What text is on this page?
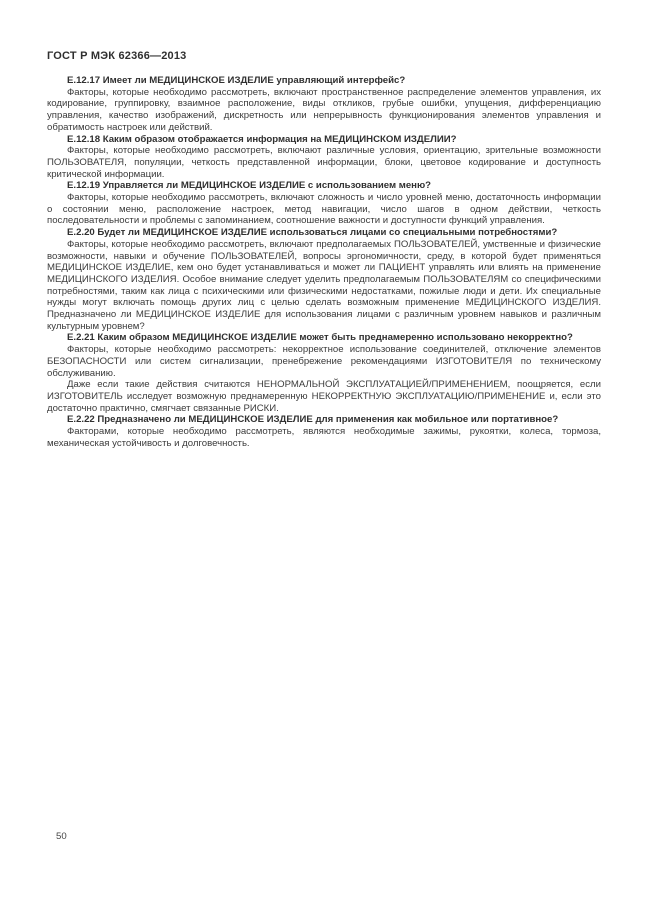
ГОСТ Р МЭК 62366—2013
Е.12.17 Имеет ли МЕДИЦИНСКОЕ ИЗДЕЛИЕ управляющий интерфейс?

Факторы, которые необходимо рассмотреть, включают пространственное распределение элементов управления, их кодирование, группировку, взаимное расположение, виды откликов, грубые ошибки, упущения, дифференциацию управления, качество изображений, дискретность или непрерывность функционирования элементов управления и обратимость настроек или действий.

Е.12.18 Каким образом отображается информация на МЕДИЦИНСКОМ ИЗДЕЛИИ?

Факторы, которые необходимо рассмотреть, включают различные условия, ориентацию, зрительные возможности ПОЛЬЗОВАТЕЛЯ, популяции, четкость представленной информации, блоки, цветовое кодирование и доступность критической информации.

Е.12.19 Управляется ли МЕДИЦИНСКОЕ ИЗДЕЛИЕ с использованием меню?

Факторы, которые необходимо рассмотреть, включают сложность и число уровней меню, достаточность информации о состоянии меню, расположение настроек, метод навигации, число шагов в одном действии, четкость последовательности и проблемы с запоминанием, соотношение важности и доступности функций управления.

Е.2.20 Будет ли МЕДИЦИНСКОЕ ИЗДЕЛИЕ использоваться лицами со специальными потребностями?

Факторы, которые необходимо рассмотреть, включают предполагаемых ПОЛЬЗОВАТЕЛЕЙ, умственные и физические возможности, навыки и обучение ПОЛЬЗОВАТЕЛЕЙ, вопросы эргономичности, среду, в которой будет применяться МЕДИЦИНСКОЕ ИЗДЕЛИЕ, кем оно будет устанавливаться и может ли ПАЦИЕНТ управлять или влиять на применение МЕДИЦИНСКОГО ИЗДЕЛИЯ. Особое внимание следует уделить предполагаемым ПОЛЬЗОВАТЕЛЯМ со специфическими потребностями, таким как лица с психическими или физическими недостатками, пожилые люди и дети. Их специальные нужды могут включать помощь других лиц с целью сделать возможным применение МЕДИЦИНСКОГО ИЗДЕЛИЯ. Предназначено ли МЕДИЦИНСКОЕ ИЗДЕЛИЕ для использования лицами с различным уровнем навыков и различным культурным уровнем?

Е.2.21 Каким образом МЕДИЦИНСКОЕ ИЗДЕЛИЕ может быть преднамеренно использовано некорректно?

Факторы, которые необходимо рассмотреть: некорректное использование соединителей, отключение элементов БЕЗОПАСНОСТИ или систем сигнализации, пренебрежение рекомендациями ИЗГОТОВИТЕЛЯ по техническому обслуживанию.

Даже если такие действия считаются НЕНОРМАЛЬНОЙ ЭКСПЛУАТАЦИЕЙ/ПРИМЕНЕНИЕМ, поощряется, если ИЗГОТОВИТЕЛЬ исследует возможную преднамеренную НЕКОРРЕКТНУЮ ЭКСПЛУАТАЦИЮ/ПРИМЕНЕНИЕ и, если это достаточно практично, смягчает связанные РИСКИ.

Е.2.22 Предназначено ли МЕДИЦИНСКОЕ ИЗДЕЛИЕ для применения как мобильное или портативное?

Факторами, которые необходимо рассмотреть, являются необходимые зажимы, рукоятки, колеса, тормоза, механическая устойчивость и долговечность.

50
